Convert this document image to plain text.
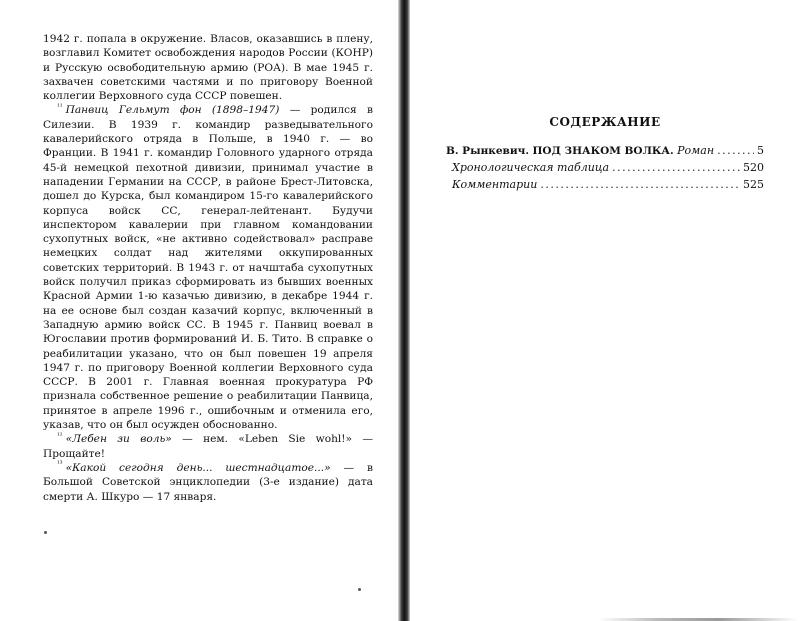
1942 г. попала в окружение. Власов, оказавшись в плену, возглавил Комитет освобождения народов России (КОНР) и Русскую освободительную армию (РОА). В мае 1945 г. захвачен советскими частями и по приговору Военной коллегии Верховного суда СССР повешен.

$^{^{11}}$ Панвиц Гельмут фон (1898–1947) — родился в Силезии. В 1939 г. командир разведывательного кавалерийского отряда в Польше, в 1940 г. — во Франции. В 1941 г. командир Головного ударного отряда 45-й немецкой пехотной дивизии, принимал участие в нападении Германии на СССР, в районе Брест-Литовска, дошел до Курска, был командиром 15-го кавалерийского корпуса войск СС, генерал-лейтенант. Будучи инспектором кавалерии при главном командовании сухопутных войск, «не активно содействовал» расправе немецких солдат над жителями оккупированных советских территорий. В 1943 г. от начштаба сухопутных войск получил приказ сформировать из бывших военных Красной Армии 1-ю казачью дивизию, в декабре 1944 г. на ее основе был создан казачий корпус, включенный в Западную армию войск СС. В 1945 г. Панвиц воевал в Югославии против формирований И. Б. Тито. В справке о реабилитации указано, что он был повешен 19 апреля 1947 г. по приговору Военной коллегии Верховного суда СССР. В 2001 г. Главная военная прокуратура РФ признала собственное решение о реабилитации Панвица, принятое в апреле 1996 г., ошибочным и отменила его, указав, что он был осужден обоснованно.

$^{^{12}}$ «Лебен зи воль» — нем. «Leben Sie wohl!» — Прощайте!

$^{^{13}}$ «Какой сегодня день... шестнадцатое...» — в Большой Советской энциклопедии (3-е издание) дата смерти А. Шкуро — 17 января.

СОДЕРЖАНИЕ
В. Рынкевич. ПОД ЗНАКОМ ВОЛКА. Роман .....	5
Хронологическая таблица .....	520
Комментарии .....	525
